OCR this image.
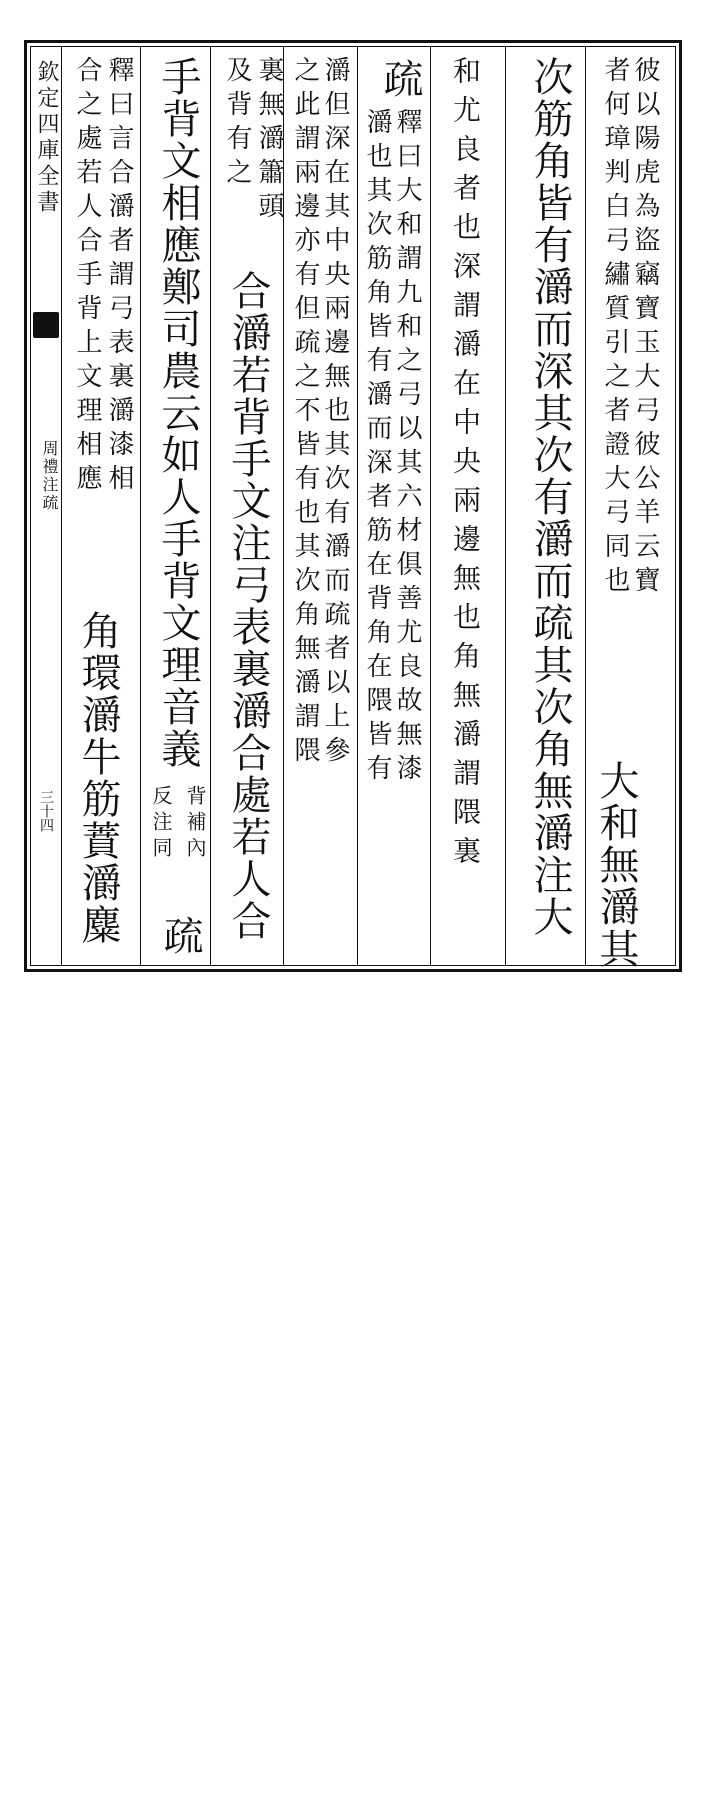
欽定四庫全書
周禮注疏
三十四
彼以陽虎為盜竊寶玉大弓彼公羊云寶
者何璋判白弓繡質引之者證大弓同也
大和無灂其
次筋角皆有灂而深其次有灂而疏其次角無灂注大
和尤良者也深謂灂在中央兩邊無也角無灂謂隈裏
疏
釋曰大和謂九和之弓以其六材俱善尤良故無漆
灂也其次筋角皆有灂而深者筋在背角在隈皆有
灂但深在其中央兩邊無也其次有灂而疏者以上參
之此謂兩邊亦有但疏之不皆有也其次角無灂謂隈
裏無灂簫頭
合灂若背手文注弓表裏灂合處若人合
及背有之
手背文相應鄭司農云如人手背文理音義
背補內
反注同
疏
釋曰言合灂者謂弓表裏灂漆相
合之處若人合手背上文理相應
角環灂牛筋蕡灂麋
